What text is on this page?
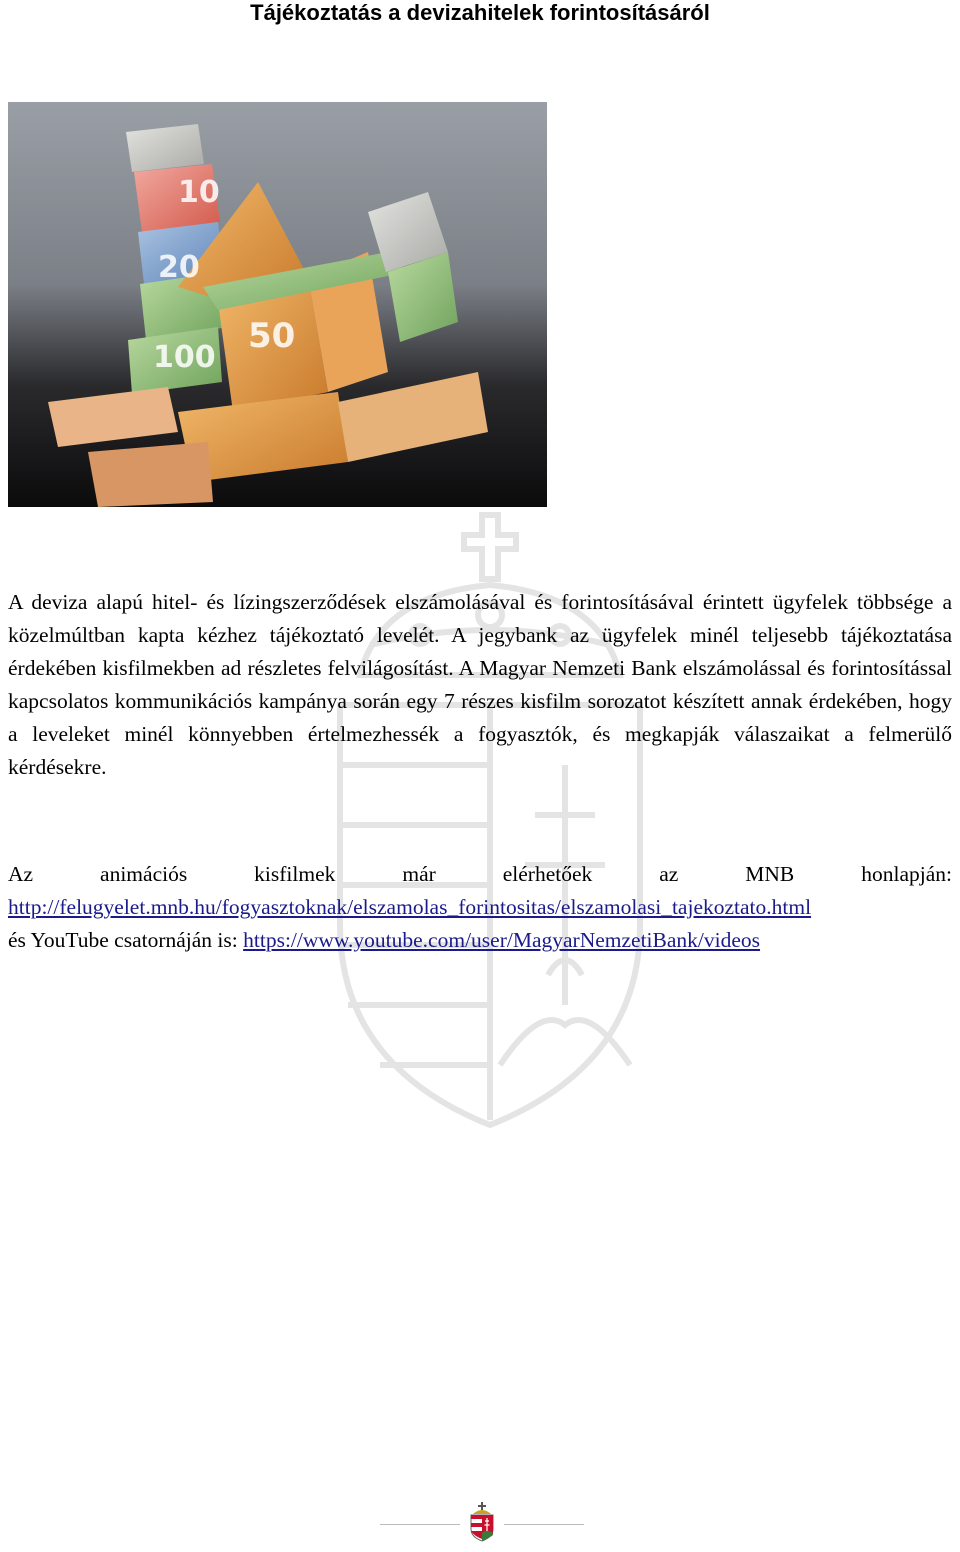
Tájékoztatás a devizahitelek forintosításáról
10
20
100
50
A deviza alapú hitel- és lízingszerződések elszámolásával és forintosításával érintett ügyfelek többsége a közelmúltban kapta kézhez tájékoztató levelét. A jegybank az ügyfelek minél teljesebb tájékoztatása érdekében kisfilmekben ad részletes felvilágosítást. A Magyar Nemzeti Bank elszámolással és forintosítással kapcsolatos kommunikációs kampánya során egy 7 részes kisfilm sorozatot készített annak érdekében, hogy a leveleket minél könnyebben értelmezhessék a fogyasztók, és megkapják válaszaikat a felmerülő kérdésekre.
Az animációs kisfilmek már elérhetőek az MNB honlapján:
http://felugyelet.mnb.hu/fogyasztoknak/elszamolas_forintositas/elszamolasi_tajekoztato.html
és YouTube csatornáján is: https://www.youtube.com/user/MagyarNemzetiBank/videos
